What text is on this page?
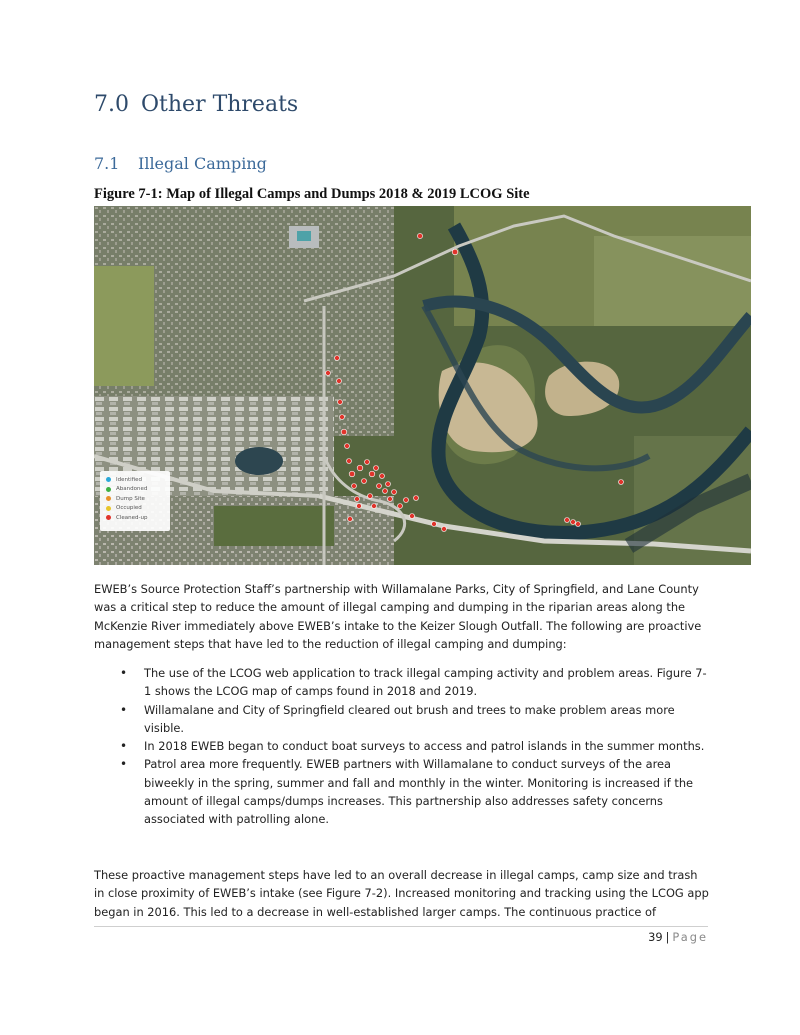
7.0 Other Threats
7.1 Illegal Camping

Figure 7-1: Map of Illegal Camps and Dumps 2018 & 2019 LCOG Site

Identified
Abandoned
Dump Site
Occupied
Cleaned-up

EWEB’s Source Protection Staff’s partnership with Willamalane Parks, City of Springfield, and Lane County was a critical step to reduce the amount of illegal camping and dumping in the riparian areas along the McKenzie River immediately above EWEB’s intake to the Keizer Slough Outfall. The following are proactive management steps that have led to the reduction of illegal camping and dumping:

• The use of the LCOG web application to track illegal camping activity and problem areas. Figure 7-1 shows the LCOG map of camps found in 2018 and 2019.
• Willamalane and City of Springfield cleared out brush and trees to make problem areas more visible.
• In 2018 EWEB began to conduct boat surveys to access and patrol islands in the summer months.
• Patrol area more frequently. EWEB partners with Willamalane to conduct surveys of the area biweekly in the spring, summer and fall and monthly in the winter. Monitoring is increased if the amount of illegal camps/dumps increases. This partnership also addresses safety concerns associated with patrolling alone.

These proactive management steps have led to an overall decrease in illegal camps, camp size and trash in close proximity of EWEB’s intake (see Figure 7-2). Increased monitoring and tracking using the LCOG app began in 2016. This led to a decrease in well-established larger camps. The continuous practice of

39 | Page
